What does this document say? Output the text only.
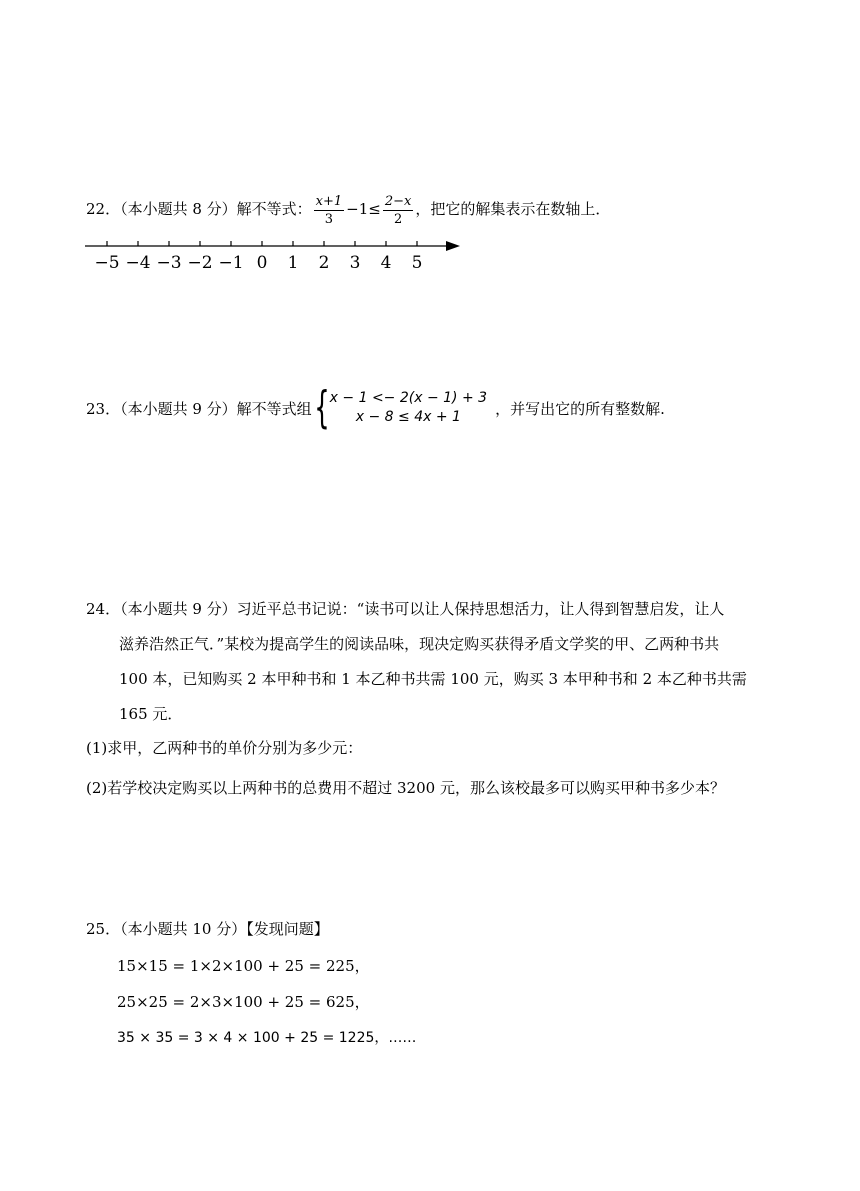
22．（本小题共 8 分）解不等式： $\frac{x+1}{3} -1\le \frac{2-x}{2}$ ，把它的解集表示在数轴上．
−5 −4 −3 −2 −1 0 1 2 3 4 5
23．（本小题共 9 分）解不等式组 { x − 1 <− 2(x − 1) + 3
x − 8 ≤ 4x + 1	，并写出它的所有整数解.
24．（本小题共 9 分）习近平总书记说：“读书可以让人保持思想活力，让人得到智慧启发，让人
滋养浩然正气．”某校为提高学生的阅读品味，现决定购买获得矛盾文学奖的甲、乙两种书共
100 本，已知购买 2 本甲种书和 1 本乙种书共需 100 元，购买 3 本甲种书和 2 本乙种书共需
165 元．
(1)求甲，乙两种书的单价分别为多少元：
(2)若学校决定购买以上两种书的总费用不超过 3200 元，那么该校最多可以购买甲种书多少本？
25．（本小题共 10 分）【发现问题】
15×15 = 1×2×100 + 25 = 225，
25×25 = 2×3×100 + 25 = 625，
35 × 35 = 3 × 4 × 100 + 25 = 1225，……
